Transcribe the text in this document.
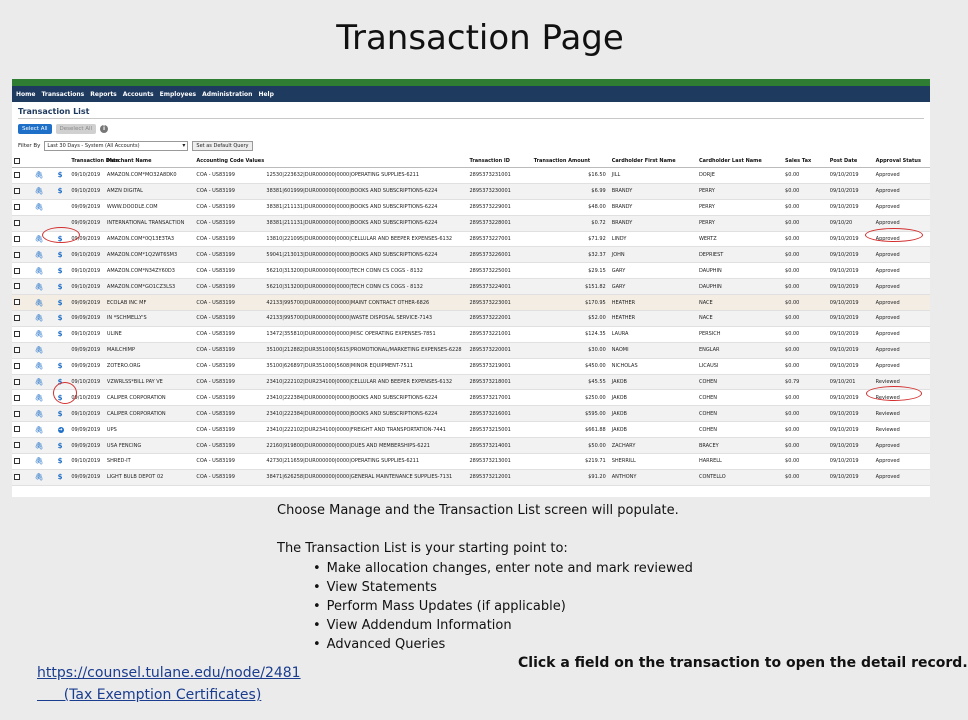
Transaction Page
Home Transactions Reports Accounts Employees Administration Help
Transaction List
Select All	Deselect All	i
Filter By	Last 30 Days - System (All Accounts) ▾	Set as Default Query
			Transaction Date	Merchant Name	Accounting Code Values		Transaction ID	Transaction Amount	Cardholder First Name	Cardholder Last Name	Sales Tax	Post Date	Approval Status
	🖇	$	09/10/2019	AMAZON.COM*MO32A8DK0	COA - US83199	12530|223632|DUR000000|0000|OPERATING SUPPLIES-6211	2895373231001	$16.50	JILL	DORJE	$0.00	09/10/2019	Approved
	🖇	$	09/10/2019	AMZN DIGITAL	COA - US83199	38381|601999|DUR000000|0000|BOOKS AND SUBSCRIPTIONS-6224	2895373230001	$6.99	BRANDY	PERRY	$0.00	09/10/2019	Approved
	🖇		09/09/2019	WWW.DOODLE.COM	COA - US83199	38381|211131|DUR000000|0000|BOOKS AND SUBSCRIPTIONS-6224	2895373229001	$48.00	BRANDY	PERRY	$0.00	09/10/2019	Approved
			09/09/2019	INTERNATIONAL TRANSACTION	COA - US83199	38381|211131|DUR000000|0000|BOOKS AND SUBSCRIPTIONS-6224	2895373228001	$0.72	BRANDY	PERRY	$0.00	09/10/20	Approved
	🖇	$	09/09/2019	AMAZON.COM*0Q13E3TA3	COA - US83199	13810|221095|DUR000000|0000|CELLULAR AND BEEPER EXPENSES-6132	2895373227001	$71.92	LINDY	WERTZ	$0.00	09/10/2019	Approved
	🖇	$	09/10/2019	AMAZON.COM*1Q2WT6SM3	COA - US83199	59041|213013|DUR000000|0000|BOOKS AND SUBSCRIPTIONS-6224	2895373226001	$32.37	JOHN	DEPRIEST	$0.00	09/10/2019	Approved
	🖇	$	09/10/2019	AMAZON.COM*N34ZY60D3	COA - US83199	56210|313200|DUR000000|0000|TECH CONN CS COGS - 8132	2895373225001	$29.15	GARY	DAUPHIN	$0.00	09/10/2019	Approved
	🖇	$	09/10/2019	AMAZON.COM*GO1CZ3LS3	COA - US83199	56210|313200|DUR000000|0000|TECH CONN CS COGS - 8132	2895373224001	$151.82	GARY	DAUPHIN	$0.00	09/10/2019	Approved
	🖇	$	09/09/2019	ECOLAB INC MF	COA - US83199	42133|995700|DUR000000|0000|MAINT CONTRACT OTHER-6826	2895373223001	$170.95	HEATHER	NACE	$0.00	09/10/2019	Approved
	🖇	$	09/09/2019	IN *SCHMELLY'S	COA - US83199	42133|995700|DUR000000|0000|WASTE DISPOSAL SERVICE-7143	2895373222001	$52.00	HEATHER	NACE	$0.00	09/10/2019	Approved
	🖇	$	09/10/2019	ULINE	COA - US83199	13472|355810|DUR000000|0000|MISC OPERATING EXPENSES-7851	2895373221001	$124.35	LAURA	PERSICH	$0.00	09/10/2019	Approved
	🖇		09/09/2019	MAILCHIMP	COA - US83199	35100|212882|DUR351000|5615|PROMOTIONAL/MARKETING EXPENSES-6228	2895373220001	$30.00	NAOMI	ENGLAR	$0.00	09/10/2019	Approved
	🖇	$	09/09/2019	ZOTERO.ORG	COA - US83199	35100|626897|DUR351000|5608|MINOR EQUIPMENT-7511	2895373219001	$450.00	NICHOLAS	LICAUSI	$0.00	09/10/2019	Approved
	🖇	$	09/10/2019	VZWRLSS*BILL PAY VE	COA - US83199	23410|222102|DUR234100|0000|CELLULAR AND BEEPER EXPENSES-6132	2895373218001	$45.55	JAKOB	COHEN	$0.79	09/10/201	Reviewed
	🖇	$	09/10/2019	CALIPER CORPORATION	COA - US83199	23410|222384|DUR000000|0000|BOOKS AND SUBSCRIPTIONS-6224	2895373217001	$250.00	JAKOB	COHEN	$0.00	09/10/2019	Reviewed
	🖇	$	09/10/2019	CALIPER CORPORATION	COA - US83199	23410|222384|DUR000000|0000|BOOKS AND SUBSCRIPTIONS-6224	2895373216001	$595.00	JAKOB	COHEN	$0.00	09/10/2019	Reviewed
	🖇	➔	09/09/2019	UPS	COA - US83199	23410|222102|DUR234100|0000|FREIGHT AND TRANSPORTATION-7441	2895373215001	$661.88	JAKOB	COHEN	$0.00	09/10/2019	Reviewed
	🖇	$	09/09/2019	USA FENCING	COA - US83199	22160|919800|DUR000000|0000|DUES AND MEMBERSHIPS-6221	2895373214001	$50.00	ZACHARY	BRACEY	$0.00	09/10/2019	Approved
	🖇	$	09/10/2019	SHRED-IT	COA - US83199	42730|211659|DUR000000|0000|OPERATING SUPPLIES-6211	2895373213001	$219.71	SHERRILL	HARRELL	$0.00	09/10/2019	Approved
	🖇	$	09/09/2019	LIGHT BULB DEPOT 02	COA - US83199	38471|626258|DUR000000|0000|GENERAL MAINTENANCE SUPPLIES-7131	2895373212001	$91.20	ANTHONY	CONTELLO	$0.00	09/10/2019	Approved
Choose Manage and the Transaction List screen will populate.
The Transaction List is your starting point to:
• Make allocation changes, enter note and mark reviewed
• View Statements
• Perform Mass Updates (if applicable)
• View Addendum Information
• Advanced Queries
https://counsel.tulane.edu/node/2481
(Tax Exemption Certificates)
Click a field on the transaction to open the detail record.
